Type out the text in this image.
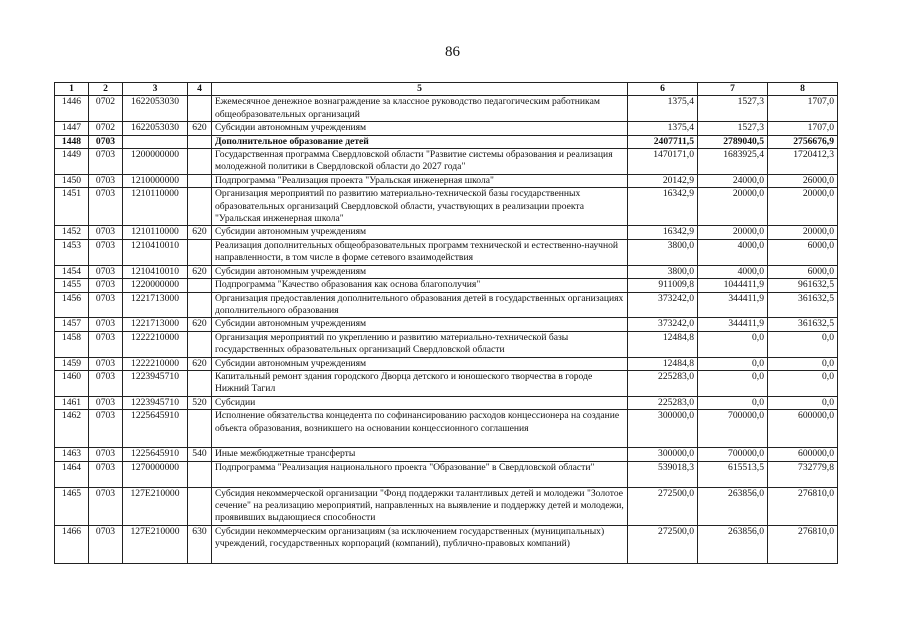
86
1	2	3	4	5	6	7	8
1446	0702	1622053030		Ежемесячное денежное вознаграждение за классное руководство педагогическим работникам общеобразовательных организаций	1375,4	1527,3	1707,0
1447	0702	1622053030	620	Субсидии автономным учреждениям	1375,4	1527,3	1707,0
1448	0703			Дополнительное образование детей	2407711,5	2789040,5	2756676,9
1449	0703	1200000000		Государственная программа Свердловской области "Развитие системы образования и реализация молодежной политики в Свердловской области до 2027 года"	1470171,0	1683925,4	1720412,3
1450	0703	1210000000		Подпрограмма "Реализация проекта "Уральская инженерная школа"	20142,9	24000,0	26000,0
1451	0703	1210110000		Организация мероприятий по развитию материально-технической базы государственных образовательных организаций Свердловской области, участвующих в реализации проекта "Уральская инженерная школа"	16342,9	20000,0	20000,0
1452	0703	1210110000	620	Субсидии автономным учреждениям	16342,9	20000,0	20000,0
1453	0703	1210410010		Реализация дополнительных общеобразовательных программ технической и естественно-научной направленности, в том числе в форме сетевого взаимодействия	3800,0	4000,0	6000,0
1454	0703	1210410010	620	Субсидии автономным учреждениям	3800,0	4000,0	6000,0
1455	0703	1220000000		Подпрограмма "Качество образования как основа благополучия"	911009,8	1044411,9	961632,5
1456	0703	1221713000		Организация предоставления дополнительного образования детей в государственных организациях дополнительного образования	373242,0	344411,9	361632,5
1457	0703	1221713000	620	Субсидии автономным учреждениям	373242,0	344411,9	361632,5
1458	0703	1222210000		Организация мероприятий по укреплению и развитию материально-технической базы государственных образовательных организаций Свердловской области	12484,8	0,0	0,0
1459	0703	1222210000	620	Субсидии автономным учреждениям	12484,8	0,0	0,0
1460	0703	1223945710		Капитальный ремонт здания городского Дворца детского и юношеского творчества в городе Нижний Тагил	225283,0	0,0	0,0
1461	0703	1223945710	520	Субсидии	225283,0	0,0	0,0
1462	0703	1225645910		Исполнение обязательства концедента по софинансированию расходов концессионера на создание объекта образования, возникшего на основании концессионного соглашения	300000,0	700000,0	600000,0
1463	0703	1225645910	540	Иные межбюджетные трансферты	300000,0	700000,0	600000,0
1464	0703	1270000000		Подпрограмма "Реализация национального проекта "Образование" в Свердловской области"	539018,3	615513,5	732779,8
1465	0703	127E210000		Субсидия некоммерческой организации "Фонд поддержки талантливых детей и молодежи "Золотое сечение" на реализацию мероприятий, направленных на выявление и поддержку детей и молодежи, проявивших выдающиеся способности	272500,0	263856,0	276810,0
1466	0703	127E210000	630	Субсидии некоммерческим организациям (за исключением государственных (муниципальных) учреждений, государственных корпораций (компаний), публично-правовых компаний)	272500,0	263856,0	276810,0
